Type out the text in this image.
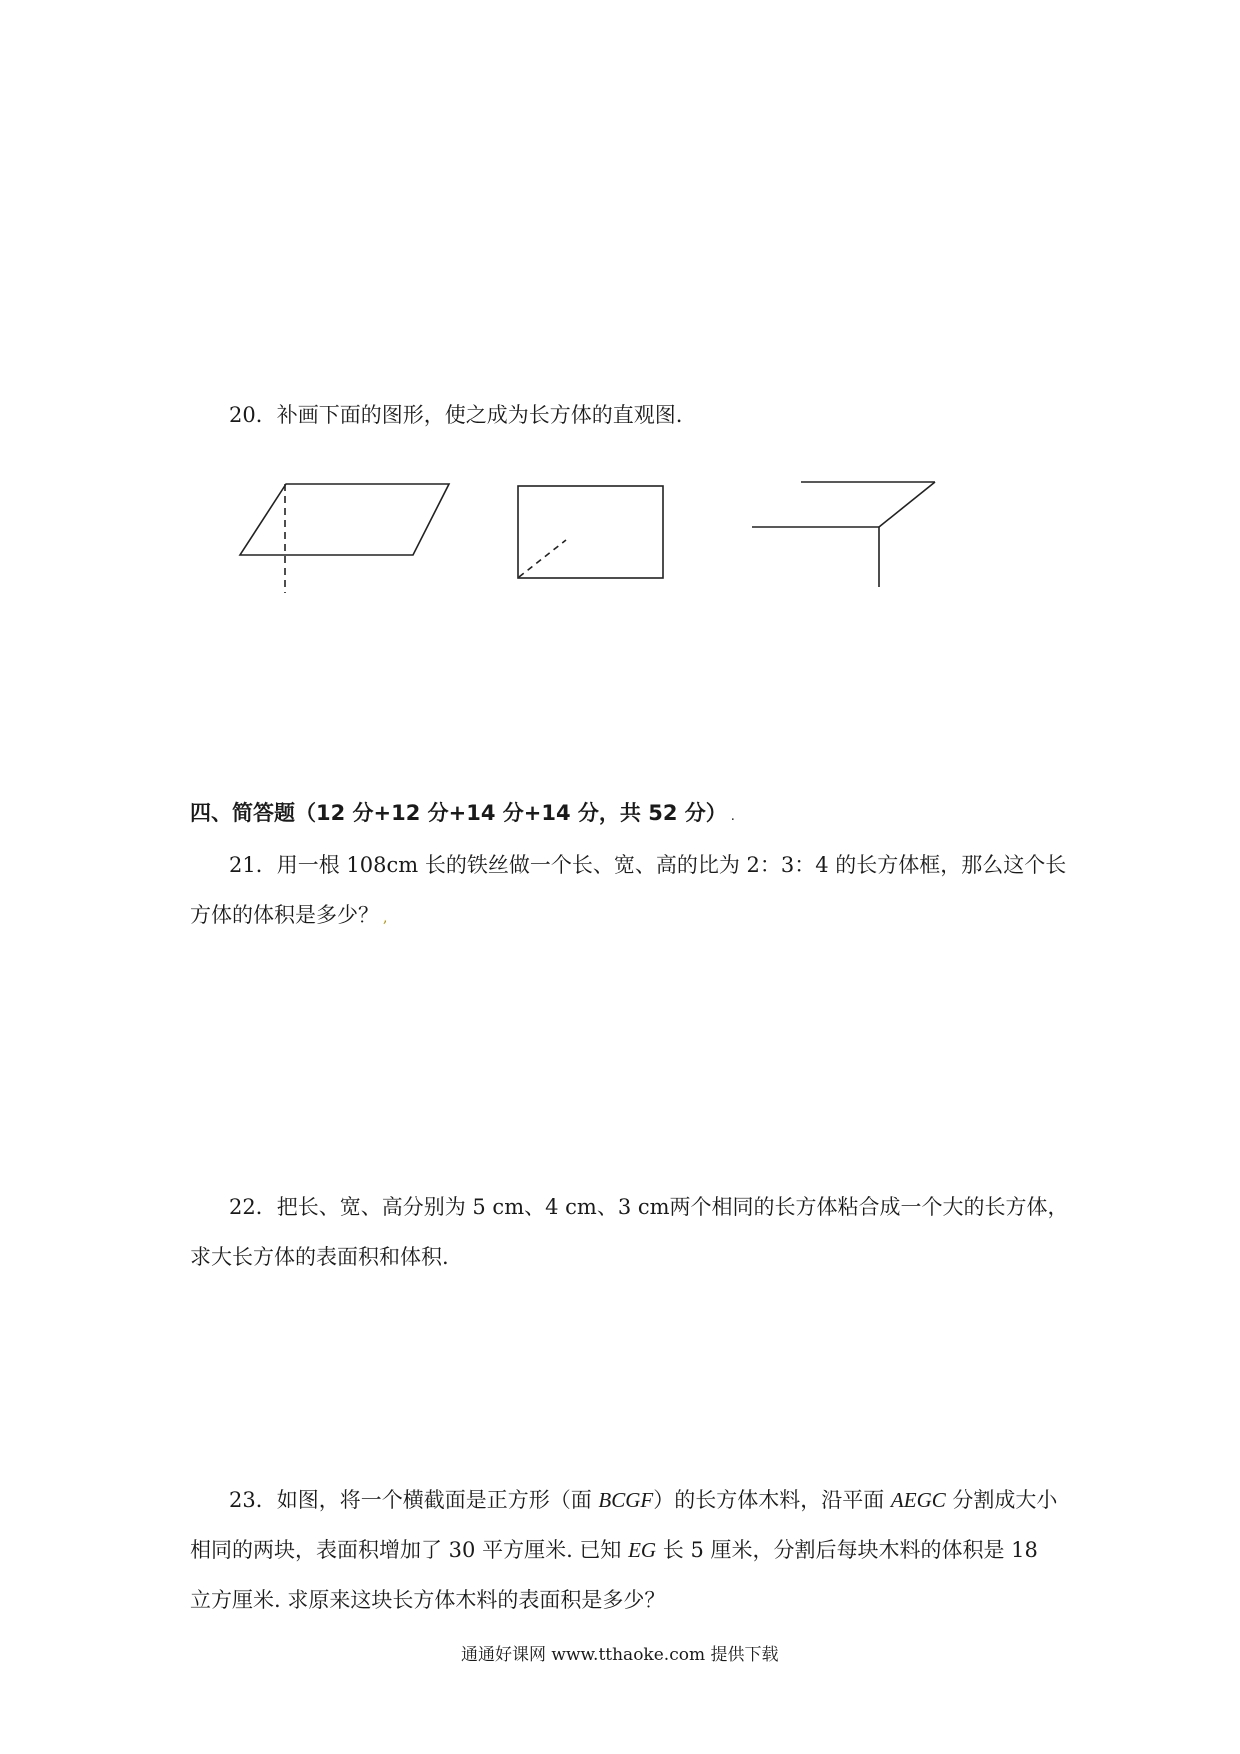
20．补画下面的图形，使之成为长方体的直观图.
四、简答题（12 分+12 分+14 分+14 分，共 52 分） .
21．用一根 108cm 长的铁丝做一个长、宽、高的比为 2：3：4 的长方体框，那么这个长
方体的体积是多少？ ,
22．把长、宽、高分别为 5 cm、4 cm、3 cm两个相同的长方体粘合成一个大的长方体，
求大长方体的表面积和体积.
23．如图，将一个横截面是正方形（面 BCGF）的长方体木料，沿平面 AEGC 分割成大小
相同的两块，表面积增加了 30 平方厘米. 已知 EG 长 5 厘米，分割后每块木料的体积是 18
立方厘米. 求原来这块长方体木料的表面积是多少？
通通好课网 www.tthaoke.com 提供下载
